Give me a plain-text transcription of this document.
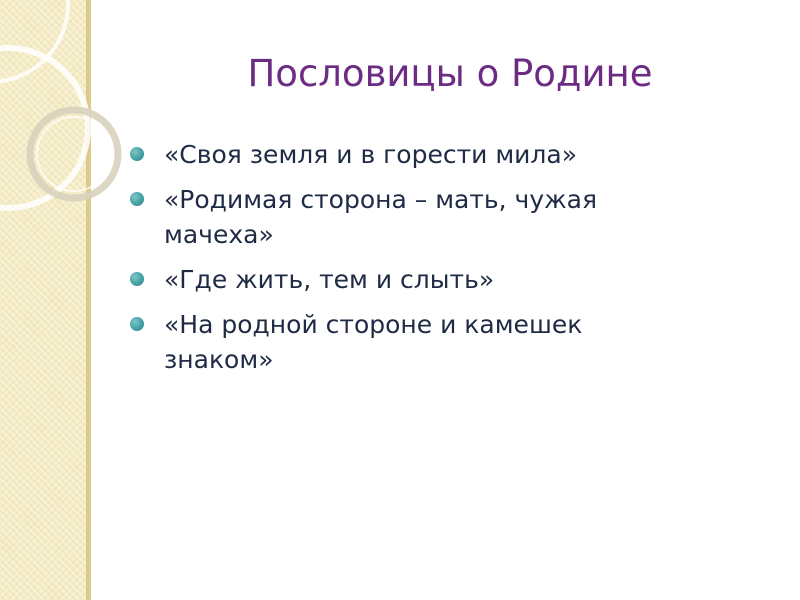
Пословицы о Родине
«Своя земля и в горести мила»
«Родимая сторона – мать, чужая мачеха»
«Где жить, тем и слыть»
«На родной стороне и камешек знаком»
